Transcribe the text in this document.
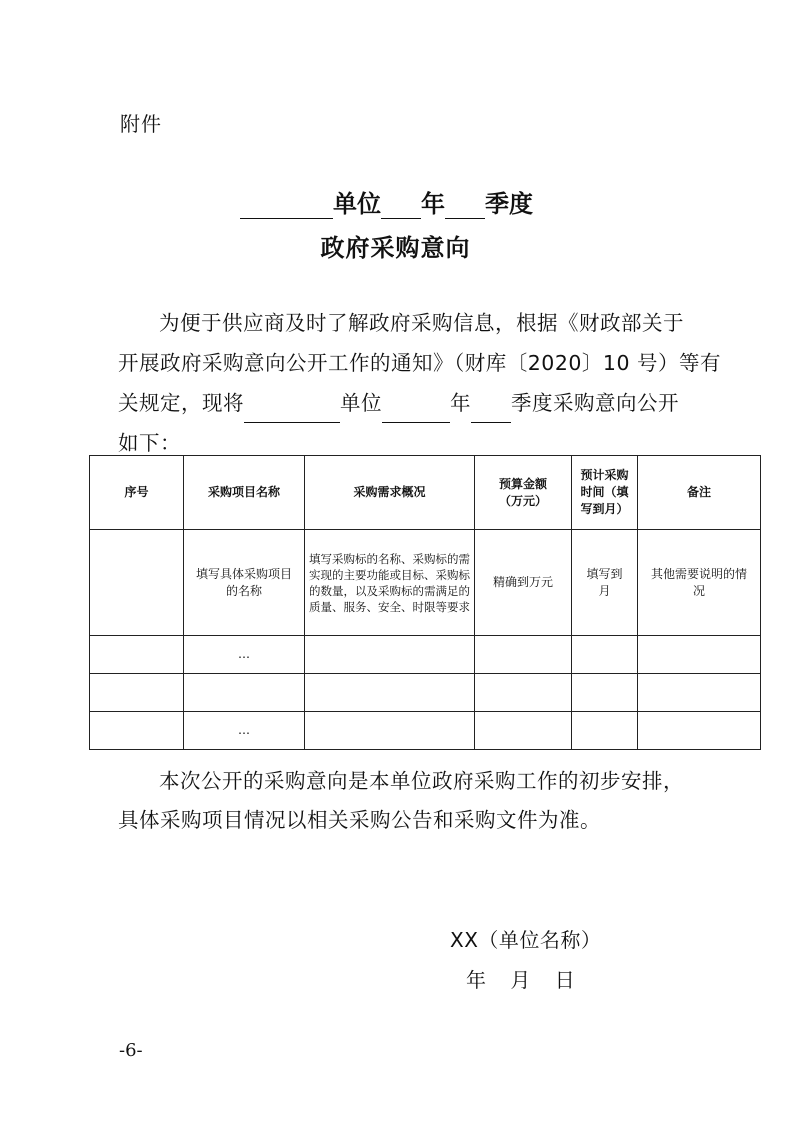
附件
单位 年 季度
政府采购意向
为便于供应商及时了解政府采购信息，根据《财政部关于
开展政府采购意向公开工作的通知》（财库〔2020〕10 号）等有
关规定，现将	单位	年 季度采购意向公开
如下：
序号	采购项目名称	采购需求概况	预算金额（万元）	预计采购时间（填写到月）	备注
	填写具体采购项目的名称	填写采购标的名称、采购标的需实现的主要功能或目标、采购标的数量，以及采购标的需满足的质量、服务、安全、时限等要求	精确到万元	填写到月	其他需要说明的情况
	…				

	…				
本次公开的采购意向是本单位政府采购工作的初步安排，
具体采购项目情况以相关采购公告和采购文件为准。
XX（单位名称）
年 月 日
-6-
